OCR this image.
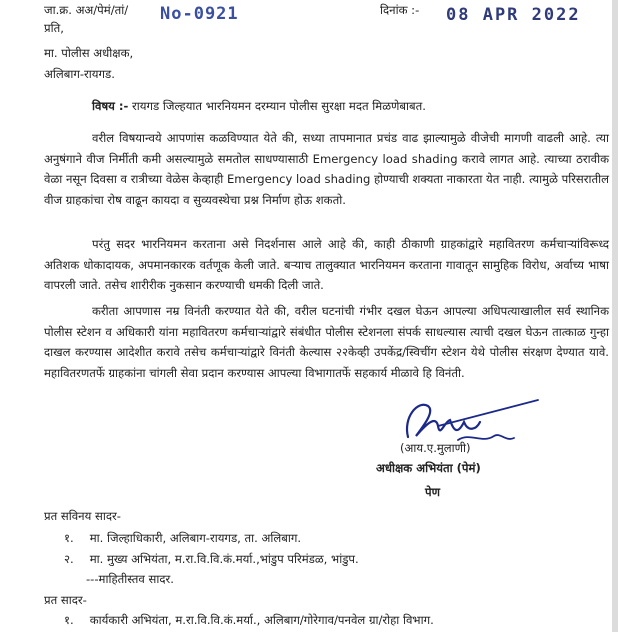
जा.क्र. अअ/पेमं/तां/ No-0921	दिनांक :- 08 APR 2022
प्रति,
मा. पोलीस अधीक्षक,
अलिबाग-रायगड.
विषय :- रायगड जिल्हयात भारनियमन दरम्यान पोलीस सुरक्षा मदत मिळणेबाबत.
वरील विषयान्वये आपणांस कळविण्यात येते की, सध्या तापमानात प्रचंड वाढ झाल्यामुळे वीजेची मागणी वाढली आहे. त्या अनुषंगाने वीज निर्मीती कमी असल्यामुळे समतोल साधण्यासाठी Emergency load shading करावे लागत आहे. त्याच्या ठरावीक वेळा नसून दिवसा व रात्रीच्या वेळेस केव्हाही Emergency load shading होण्याची शक्यता नाकारता येत नाही. त्यामुळे परिसरातील वीज ग्राहकांचा रोष वाढून कायदा व सुव्यवस्थेचा प्रश्न निर्माण होऊ शकतो.
परंतु सदर भारनियमन करताना असे निदर्शनास आले आहे की, काही ठीकाणी ग्राहकांद्वारे महावितरण कर्मचाऱ्यांविरूध्द अतिशक धोकादायक, अपमानकारक वर्तणूक केली जाते. बऱ्याच तालुक्यात भारनियमन करताना गावातून सामुहिक विरोध, अर्वाच्य भाषा वापरली जाते. तसेच शारीरीक नुकसान करण्याची धमकी दिली जाते.
करीता आपणास नम्र विनंती करण्यात येते की, वरील घटनांची गंभीर दखल घेऊन आपल्या अधिपत्याखालील सर्व स्थानिक पोलीस स्टेशन व अधिकारी यांना महावितरण कर्मचाऱ्यांद्वारे संबंधीत पोलीस स्टेशनला संपर्क साधल्यास त्याची दखल घेऊन तात्काळ गुन्हा दाखल करण्यास आदेशीत करावे तसेच कर्मचाऱ्यांद्वारे विनंती केल्यास २२केव्ही उपकेंद्र/स्विचींग स्टेशन येथे पोलीस संरक्षण देण्यात यावे. महावितरणतर्फे ग्राहकांना चांगली सेवा प्रदान करण्यास आपल्या विभागातर्फे सहकार्य मीळावे हि विनंती.
(आय.ए.मुलाणी)
अधीक्षक अभियंता (पेमं)
पेण
प्रत सविनय सादर-
१. मा. जिल्हाधिकारी, अलिबाग-रायगड, ता. अलिबाग.
२. मा. मुख्य अभियंता, म.रा.वि.वि.कं.मर्या.,भांडुप परिमंडळ, भांडुप.
---माहितीस्तव सादर.
प्रत सादर-
१. कार्यकारी अभियंता, म.रा.वि.वि.कं.मर्या., अलिबाग/गोरेगाव/पनवेल ग्रा/रोहा विभाग.
